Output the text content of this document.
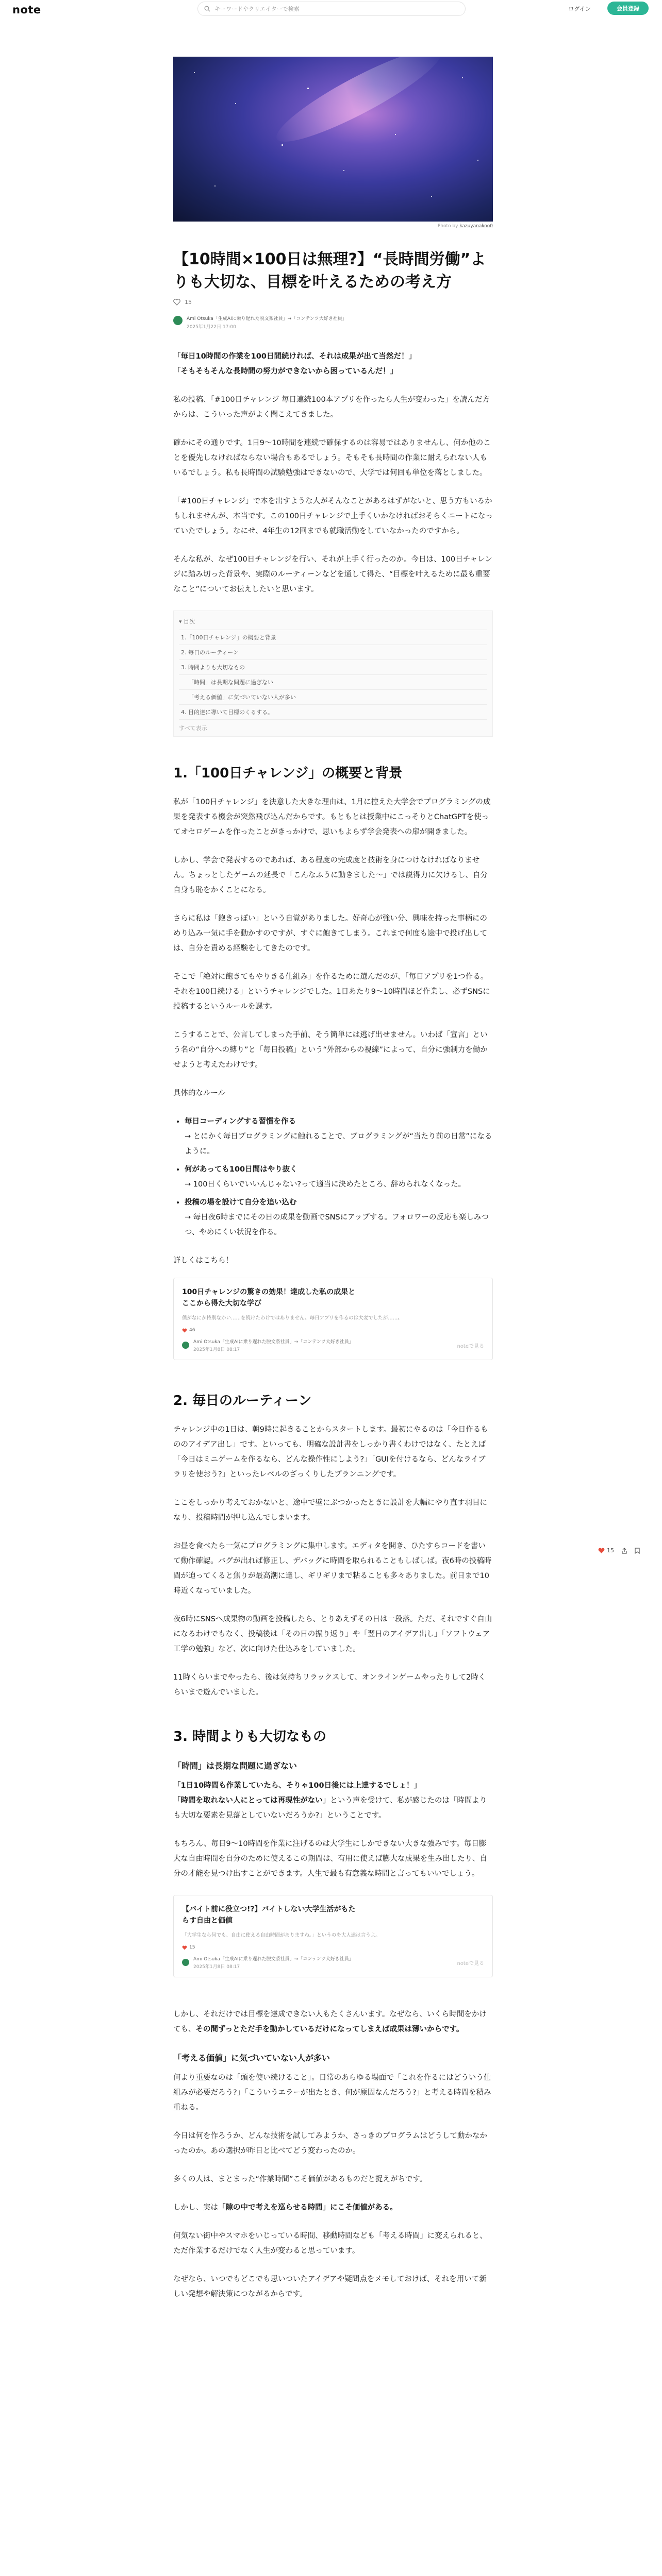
note	キーワードやクリエイターで検索	ログイン	会員登録
15
Photo by kazuyanakoo0
【10時間×100日は無理?】“長時間労働”よりも大切な、目標を叶えるための考え方
15
Ami Otsuka「生成AIに乗り遅れた脱文系社員」→「コンテンツ大好き社員」
2025年1月22日 17:00

「毎日10時間の作業を100日間続ければ、それは成果が出て当然だ！」

「そもそもそんな長時間の努力ができないから困っているんだ！」

私の投稿、「#100日チャレンジ 毎日連続100本アプリを作ったら人生が変わった」を読んだ方からは、こういった声がよく聞こえてきました。

確かにその通りです。1日9〜10時間を連続で確保するのは容易ではありませんし、何か他のことを優先しなければならない場合もあるでしょう。そもそも長時間の作業に耐えられない人もいるでしょう。私も長時間の試験勉強はできないので、大学では何回も単位を落としました。

「#100日チャレンジ」で本を出すような人がそんなことがあるはずがないと、思う方もいるかもしれませんが、本当です。この100日チャレンジで上手くいかなければおそらくニートになっていたでしょう。なにせ、4年生の12回までも就職活動をしていなかったのですから。

そんな私が、なぜ100日チャレンジを行い、それが上手く行ったのか。今日は、100日チャレンジに踏み切った背景や、実際のルーティーンなどを通して得た、“目標を叶えるために最も重要なこと”についてお伝えしたいと思います。

▾ 目次
1.「100日チャレンジ」の概要と背景
2. 毎日のルーティーン
3. 時間よりも大切なもの
「時間」は長期な問題に過ぎない
「考える価値」に気づいていない人が多い
4. 目的達に導いて目標のくるする。
すべて表示
1.「100日チャレンジ」の概要と背景

私が「100日チャレンジ」を決意した大きな理由は、1月に控えた大学会でプログラミングの成果を発表する機会が突然飛び込んだからです。もともとは授業中にこっそりとChatGPTを使ってオセロゲームを作ったことがきっかけで、思いもよらず学会発表への扉が開きました。

しかし、学会で発表するのであれば、ある程度の完成度と技術を身につけなければなりません。ちょっとしたゲームの延長で「こんなふうに動きました〜」では説得力に欠けるし、自分自身も恥をかくことになる。

さらに私は「飽きっぽい」という自覚がありました。好奇心が強い分、興味を持った事柄にのめり込み一気に手を動かすのですが、すぐに飽きてしまう。これまで何度も途中で投げ出しては、自分を責める経験をしてきたのです。

そこで「絶対に飽きてもやりきる仕組み」を作るために選んだのが、「毎日アプリを1つ作る。それを100日続ける」というチャレンジでした。1日あたり9〜10時間ほど作業し、必ずSNSに投稿するというルールを課す。

こうすることで、公言してしまった手前、そう簡単には逃げ出せません。いわば「宣言」という名の“自分への縛り”と「毎日投稿」という“外部からの視線”によって、自分に強制力を働かせようと考えたわけです。

具体的なルール

• 毎日コーディングする習慣を作る
→ とにかく毎日プログラミングに触れることで、プログラミングが“当たり前の日常”になるように。
• 何があっても100日間はやり抜く
→ 100日くらいでいいんじゃない?って適当に決めたところ、辞められなくなった。
• 投稿の場を設けて自分を追い込む
→ 毎日夜6時までにその日の成果を動画でSNSにアップする。フォロワーの反応も楽しみつつ、やめにくい状況を作る。

詳しくはこちら！

100日チャレンジの驚きの効果！達成した私の成果とここから得た大切な学び
僕がなにか特別なかい……を続けたわけではありません。毎日アプリを作るのは大変でしたが……。
46
Ami Otsuka「生成AIに乗り遅れた脱文系社員」→「コンテンツ大好き社員」
2025年1月8日 08:17
noteで見る
2. 毎日のルーティーン

チャレンジ中の1日は、朝9時に起きることからスタートします。最初にやるのは「今日作るもののアイデア出し」です。といっても、明確な設計書をしっかり書くわけではなく、たとえば「今日はミニゲームを作るなら、どんな操作性にしよう?」「GUIを付けるなら、どんなライブラリを使おう?」といったレベルのざっくりしたプランニングです。

ここをしっかり考えておかないと、途中で壁にぶつかったときに設計を大幅にやり直す羽目になり、投稿時間が押し込んでしまいます。

お昼を食べたら一気にプログラミングに集中します。エディタを開き、ひたすらコードを書いて動作確認。バグが出れば修正し、デバッグに時間を取られることもしばしば。夜6時の投稿時間が迫ってくると焦りが最高潮に達し、ギリギリまで粘ることも多々ありました。前日まで10時近くなっていました。

夜6時にSNSへ成果物の動画を投稿したら、とりあえずその日は一段落。ただ、それですぐ自由になるわけでもなく、投稿後は「その日の振り返り」や「翌日のアイデア出し」「ソフトウェア工学の勉強」など、次に向けた仕込みをしていました。

11時くらいまでやったら、後は気持ちリラックスして、オンラインゲームやったりして2時くらいまで遊んでいました。

3. 時間よりも大切なもの
「時間」は長期な問題に過ぎない

「1日10時間も作業していたら、そりゃ100日後には上達するでしょ！」

「時間を取れない人にとっては再現性がない」という声を受けて、私が感じたのは「時間よりも大切な要素を見落としていないだろうか?」ということです。

もちろん、毎日9〜10時間を作業に注げるのは大学生にしかできない大きな強みです。毎日膨大な自由時間を自分のために使えるこの期間は、有用に使えば膨大な成果を生み出したり、自分の才能を見つけ出すことができます。人生で最も有意義な時間と言ってもいいでしょう。

【バイト前に役立つ!?】バイトしない大学生活がもたらす自由と価値
「大学生なら何でも、自由に使える自由時間がありますね。」というのを大人達は言うよ。
15
Ami Otsuka「生成AIに乗り遅れた脱文系社員」→「コンテンツ大好き社員」
2025年1月8日 08:17
noteで見る

しかし、それだけでは目標を達成できない人もたくさんいます。なぜなら、いくら時間をかけても、その間ずっとただ手を動かしているだけになってしまえば成果は薄いからです。

「考える価値」に気づいていない人が多い

何より重要なのは「頭を使い続けること」。日常のあらゆる場面で「これを作るにはどういう仕組みが必要だろう?」「こういうエラーが出たとき、何が原因なんだろう?」と考える時間を積み重ねる。

今日は何を作ろうか、どんな技術を試してみようか、さっきのプログラムはどうして動かなかったのか。あの選択が昨日と比べてどう変わったのか。

多くの人は、まとまった“作業時間”こそ価値があるものだと捉えがちです。

しかし、実は「隙の中で考えを巡らせる時間」にこそ価値がある。

何気ない街中やスマホをいじっている時間、移動時間なども「考える時間」に変えられると、ただ作業するだけでなく人生が変わると思っています。

なぜなら、いつでもどこでも思いついたアイデアや疑問点をメモしておけば、それを用いて新しい発想や解決策につながるからです。
